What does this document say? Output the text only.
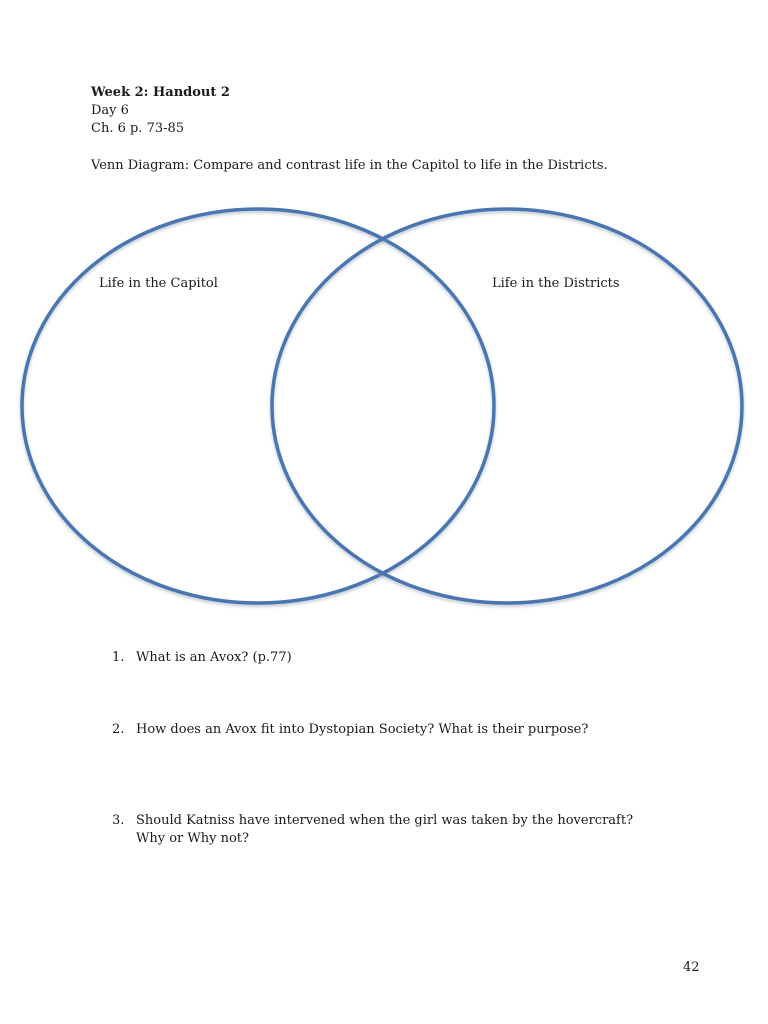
Week 2: Handout 2
Day 6
Ch. 6 p. 73-85
Venn Diagram: Compare and contrast life in the Capitol to life in the Districts.
Life in the Capitol	Life in the Districts
1. What is an Avox? (p.77)
2. How does an Avox fit into Dystopian Society? What is their purpose?
3. Should Katniss have intervened when the girl was taken by the hovercraft?
Why or Why not?
42
